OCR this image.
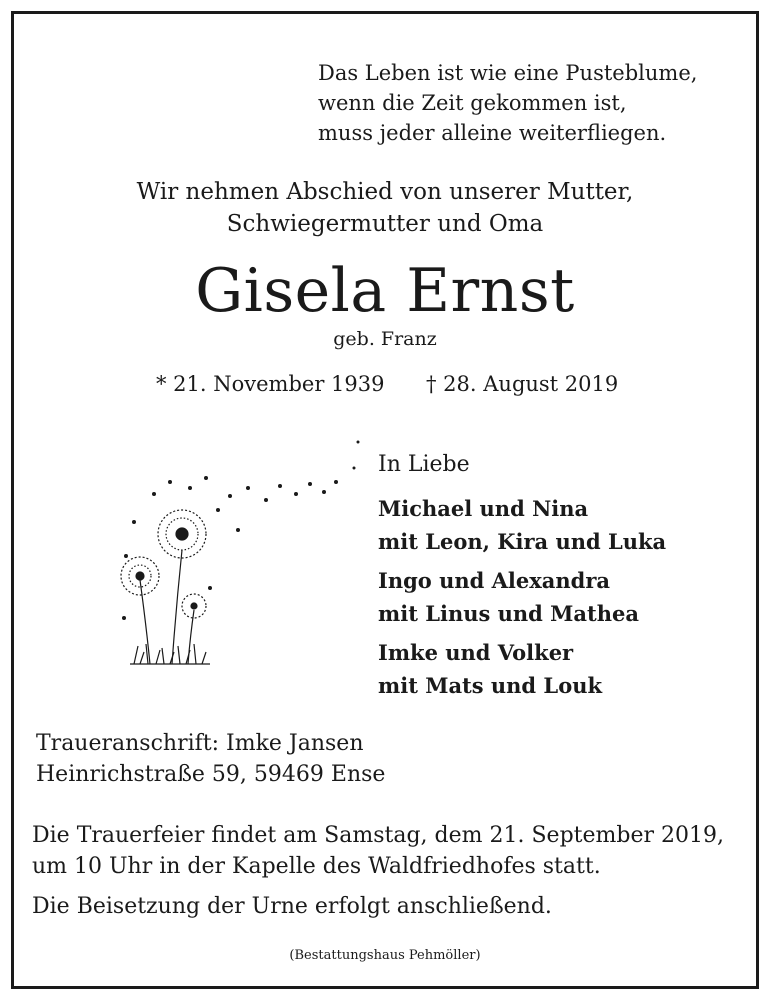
Das Leben ist wie eine Pusteblume,
wenn die Zeit gekommen ist,
muss jeder alleine weiterfliegen.
Wir nehmen Abschied von unserer Mutter,
Schwiegermutter und Oma
Gisela Ernst
geb. Franz
* 21. November 1939 † 28. August 2019
In Liebe
Michael und Nina
mit Leon, Kira und Luka
Ingo und Alexandra
mit Linus und Mathea
Imke und Volker
mit Mats und Louk
Traueranschrift: Imke Jansen
Heinrichstraße 59, 59469 Ense
Die Trauerfeier findet am Samstag, dem 21. September 2019,
um 10 Uhr in der Kapelle des Waldfriedhofes statt.
Die Beisetzung der Urne erfolgt anschließend.
(Bestattungshaus Pehmöller)
